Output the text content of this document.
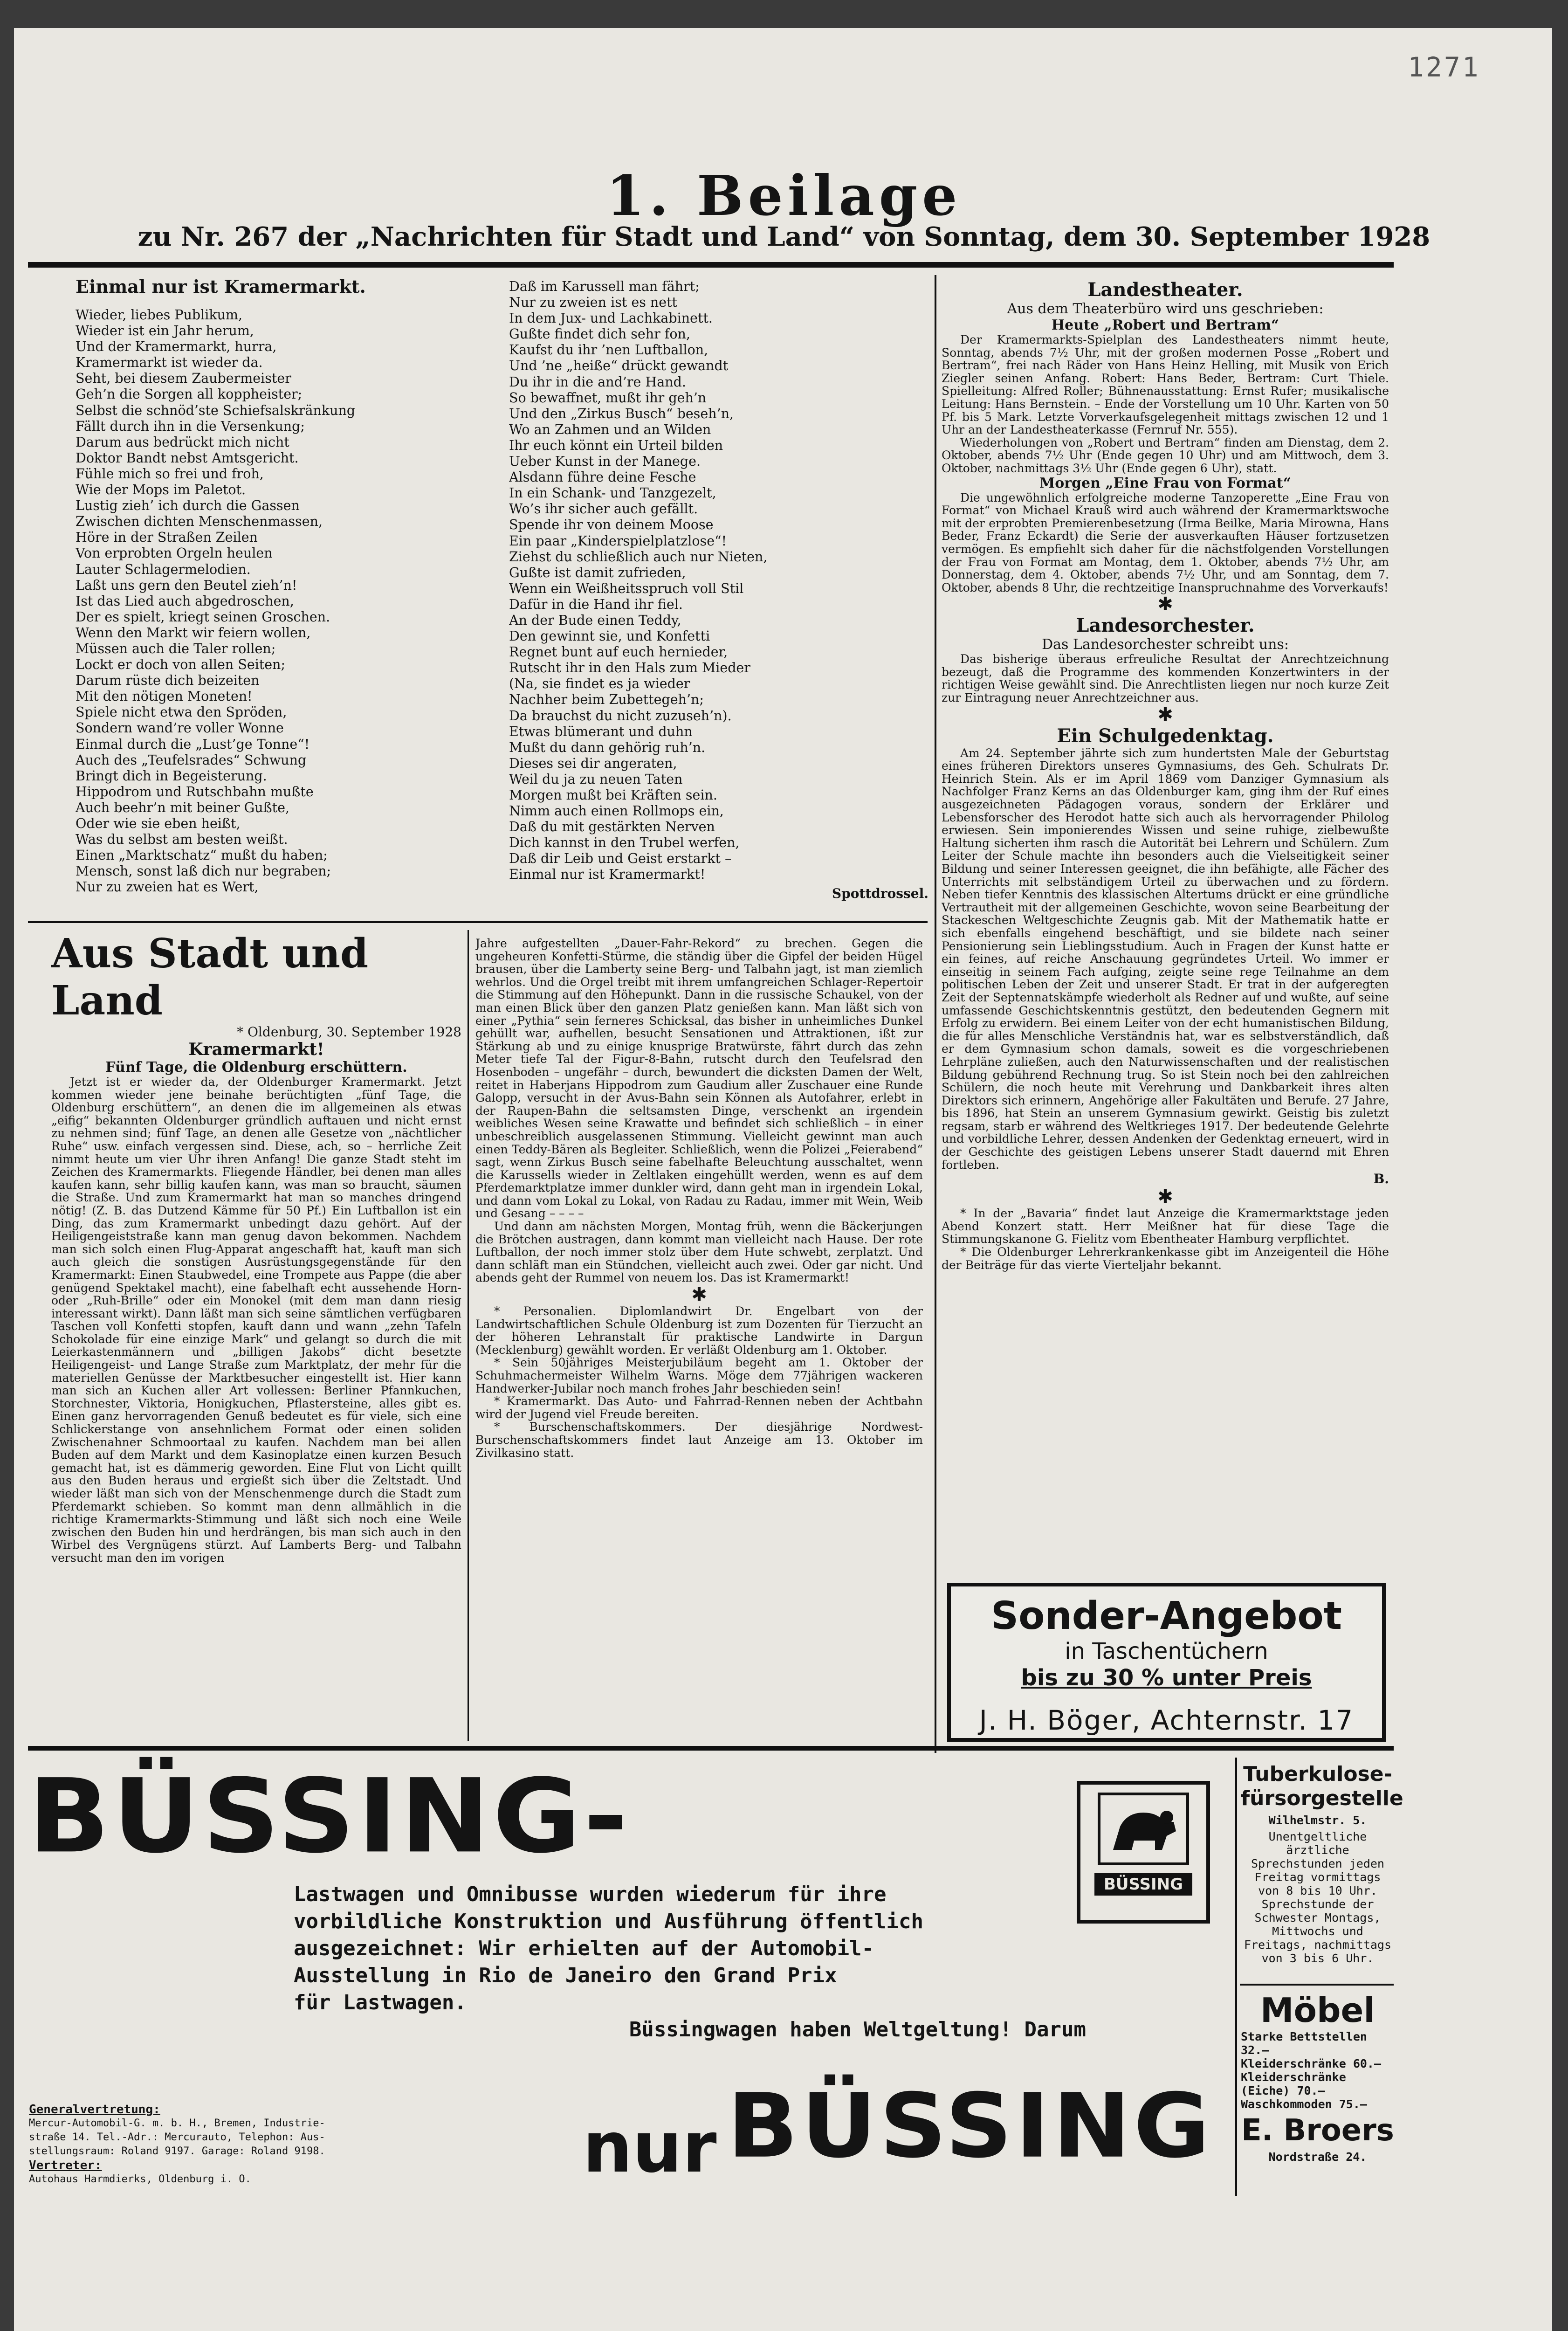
1271
1. Beilage
zu Nr. 267 der „Nachrichten für Stadt und Land“ von Sonntag, dem 30. September 1928
Einmal nur ist Kramermarkt.
Wieder, liebes Publikum,
Wieder ist ein Jahr herum,
Und der Kramermarkt, hurra,
Kramermarkt ist wieder da.
Seht, bei diesem Zaubermeister
Geh’n die Sorgen all koppheister;
Selbst die schnöd’ste Schiefsalskränkung
Fällt durch ihn in die Versenkung;
Darum aus bedrückt mich nicht
Doktor Bandt nebst Amtsgericht.
Fühle mich so frei und froh,
Wie der Mops im Paletot.
Lustig zieh’ ich durch die Gassen
Zwischen dichten Menschenmassen,
Höre in der Straßen Zeilen
Von erprobten Orgeln heulen
Lauter Schlagermelodien.
Laßt uns gern den Beutel zieh’n!
Ist das Lied auch abgedroschen,
Der es spielt, kriegt seinen Groschen.
Wenn den Markt wir feiern wollen,
Müssen auch die Taler rollen;
Lockt er doch von allen Seiten;
Darum rüste dich beizeiten
Mit den nötigen Moneten!
Spiele nicht etwa den Spröden,
Sondern wand’re voller Wonne
Einmal durch die „Lust’ge Tonne“!
Auch des „Teufelsrades“ Schwung
Bringt dich in Begeisterung.
Hippodrom und Rutschbahn mußte
Auch beehr’n mit beiner Gußte,
Oder wie sie eben heißt,
Was du selbst am besten weißt.
Einen „Marktschatz“ mußt du haben;
Mensch, sonst laß dich nur begraben;
Nur zu zweien hat es Wert,
Daß im Karussell man fährt;
Nur zu zweien ist es nett
In dem Jux- und Lachkabinett.
Gußte findet dich sehr fon,
Kaufst du ihr ’nen Luftballon,
Und ’ne „heiße“ drückt gewandt
Du ihr in die and’re Hand.
So bewaffnet, mußt ihr geh’n
Und den „Zirkus Busch“ beseh’n,
Wo an Zahmen und an Wilden
Ihr euch könnt ein Urteil bilden
Ueber Kunst in der Manege.
Alsdann führe deine Fesche
In ein Schank- und Tanzgezelt,
Wo’s ihr sicher auch gefällt.
Spende ihr von deinem Moose
Ein paar „Kinderspielplatzlose“!
Ziehst du schließlich auch nur Nieten,
Gußte ist damit zufrieden,
Wenn ein Weißheitsspruch voll Stil
Dafür in die Hand ihr fiel.
An der Bude einen Teddy,
Den gewinnt sie, und Konfetti
Regnet bunt auf euch hernieder,
Rutscht ihr in den Hals zum Mieder
(Na, sie findet es ja wieder
Nachher beim Zubettegeh’n;
Da brauchst du nicht zuzuseh’n).
Etwas blümerant und duhn
Mußt du dann gehörig ruh’n.
Dieses sei dir angeraten,
Weil du ja zu neuen Taten
Morgen mußt bei Kräften sein.
Nimm auch einen Rollmops ein,
Daß du mit gestärkten Nerven
Dich kannst in den Trubel werfen,
Daß dir Leib und Geist erstarkt –
Einmal nur ist Kramermarkt!
Spottdrossel.
Landestheater.
Aus dem Theaterbüro wird uns geschrieben:
Heute „Robert und Bertram“

Der Kramermarkts-Spielplan des Landestheaters nimmt heute, Sonntag, abends 7½ Uhr, mit der großen modernen Posse „Robert und Bertram“, frei nach Räder von Hans Heinz Helling, mit Musik von Erich Ziegler seinen Anfang. Robert: Hans Beder, Bertram: Curt Thiele. Spielleitung: Alfred Roller; Bühnenausstattung: Ernst Rufer; musikalische Leitung: Hans Bernstein. – Ende der Vorstellung um 10 Uhr. Karten von 50 Pf. bis 5 Mark. Letzte Vorverkaufsgelegenheit mittags zwischen 12 und 1 Uhr an der Landestheaterkasse (Fernruf Nr. 555).

Wiederholungen von „Robert und Bertram“ finden am Dienstag, dem 2. Oktober, abends 7½ Uhr (Ende gegen 10 Uhr) und am Mittwoch, dem 3. Oktober, nachmittags 3½ Uhr (Ende gegen 6 Uhr), statt.

Morgen „Eine Frau von Format“

Die ungewöhnlich erfolgreiche moderne Tanzoperette „Eine Frau von Format“ von Michael Krauß wird auch während der Kramermarktswoche mit der erprobten Premierenbesetzung (Irma Beilke, Maria Mirowna, Hans Beder, Franz Eckardt) die Serie der ausverkauften Häuser fortzusetzen vermögen. Es empfiehlt sich daher für die nächstfolgenden Vorstellungen der Frau von Format am Montag, dem 1. Oktober, abends 7½ Uhr, am Donnerstag, dem 4. Oktober, abends 7½ Uhr, und am Sonntag, dem 7. Oktober, abends 8 Uhr, die rechtzeitige Inanspruchnahme des Vorverkaufs!

✱
Landesorchester.
Das Landesorchester schreibt uns:

Das bisherige überaus erfreuliche Resultat der Anrechtzeichnung bezeugt, daß die Programme des kommenden Konzertwinters in der richtigen Weise gewählt sind. Die Anrechtlisten liegen nur noch kurze Zeit zur Eintragung neuer Anrechtzeichner aus.

✱
Ein Schulgedenktag.

Am 24. September jährte sich zum hundertsten Male der Geburtstag eines früheren Direktors unseres Gymnasiums, des Geh. Schulrats Dr. Heinrich Stein. Als er im April 1869 vom Danziger Gymnasium als Nachfolger Franz Kerns an das Oldenburger kam, ging ihm der Ruf eines ausgezeichneten Pädagogen voraus, sondern der Erklärer und Lebensforscher des Herodot hatte sich auch als hervorragender Philolog erwiesen. Sein imponierendes Wissen und seine ruhige, zielbewußte Haltung sicherten ihm rasch die Autorität bei Lehrern und Schülern. Zum Leiter der Schule machte ihn besonders auch die Vielseitigkeit seiner Bildung und seiner Interessen geeignet, die ihn befähigte, alle Fächer des Unterrichts mit selbständigem Urteil zu überwachen und zu fördern. Neben tiefer Kenntnis des klassischen Altertums drückt er eine gründliche Vertrautheit mit der allgemeinen Geschichte, wovon seine Bearbeitung der Stackeschen Weltgeschichte Zeugnis gab. Mit der Mathematik hatte er sich ebenfalls eingehend beschäftigt, und sie bildete nach seiner Pensionierung sein Lieblingsstudium. Auch in Fragen der Kunst hatte er ein feines, auf reiche Anschauung gegründetes Urteil. Wo immer er einseitig in seinem Fach aufging, zeigte seine rege Teilnahme an dem politischen Leben der Zeit und unserer Stadt. Er trat in der aufgeregten Zeit der Septennatskämpfe wiederholt als Redner auf und wußte, auf seine umfassende Geschichtskenntnis gestützt, den bedeutenden Gegnern mit Erfolg zu erwidern. Bei einem Leiter von der echt humanistischen Bildung, die für alles Menschliche Verständnis hat, war es selbstverständlich, daß er dem Gymnasium schon damals, soweit es die vorgeschriebenen Lehrpläne zuließen, auch den Naturwissenschaften und der realistischen Bildung gebührend Rechnung trug. So ist Stein noch bei den zahlreichen Schülern, die noch heute mit Verehrung und Dankbarkeit ihres alten Direktors sich erinnern, Angehörige aller Fakultäten und Berufe. 27 Jahre, bis 1896, hat Stein an unserem Gymnasium gewirkt. Geistig bis zuletzt regsam, starb er während des Weltkrieges 1917. Der bedeutende Gelehrte und vorbildliche Lehrer, dessen Andenken der Gedenktag erneuert, wird in der Geschichte des geistigen Lebens unserer Stadt dauernd mit Ehren fortleben.

B.
✱

* In der „Bavaria“ findet laut Anzeige die Kramermarktstage jeden Abend Konzert statt. Herr Meißner hat für diese Tage die Stimmungskanone G. Fielitz vom Ebentheater Hamburg verpflichtet.

* Die Oldenburger Lehrerkrankenkasse gibt im Anzeigenteil die Höhe der Beiträge für das vierte Vierteljahr bekannt.

Sonder-Angebot
in Taschentüchern
bis zu 30 % unter Preis
J. H. Böger, Achternstr. 17
Aus Stadt und Land
* Oldenburg, 30. September 1928
Kramermarkt!
Fünf Tage, die Oldenburg erschüttern.

Jetzt ist er wieder da, der Oldenburger Kramermarkt. Jetzt kommen wieder jene beinahe berüchtigten „fünf Tage, die Oldenburg erschüttern“, an denen die im allgemeinen als etwas „eifig“ bekannten Oldenburger gründlich auftauen und nicht ernst zu nehmen sind; fünf Tage, an denen alle Gesetze von „nächtlicher Ruhe“ usw. einfach vergessen sind. Diese, ach, so – herrliche Zeit nimmt heute um vier Uhr ihren Anfang! Die ganze Stadt steht im Zeichen des Kramermarkts. Fliegende Händler, bei denen man alles kaufen kann, sehr billig kaufen kann, was man so braucht, säumen die Straße. Und zum Kramermarkt hat man so manches dringend nötig! (Z. B. das Dutzend Kämme für 50 Pf.) Ein Luftballon ist ein Ding, das zum Kramermarkt unbedingt dazu gehört. Auf der Heiligengeiststraße kann man genug davon bekommen. Nachdem man sich solch einen Flug-Apparat angeschafft hat, kauft man sich auch gleich die sonstigen Ausrüstungsgegenstände für den Kramermarkt: Einen Staubwedel, eine Trompete aus Pappe (die aber genügend Spektakel macht), eine fabelhaft echt aussehende Horn- oder „Ruh-Brille“ oder ein Monokel (mit dem man dann riesig interessant wirkt). Dann läßt man sich seine sämtlichen verfügbaren Taschen voll Konfetti stopfen, kauft dann und wann „zehn Tafeln Schokolade für eine einzige Mark“ und gelangt so durch die mit Leierkastenmännern und „billigen Jakobs“ dicht besetzte Heiligengeist- und Lange Straße zum Marktplatz, der mehr für die materiellen Genüsse der Marktbesucher eingestellt ist. Hier kann man sich an Kuchen aller Art vollessen: Berliner Pfannkuchen, Storchnester, Viktoria, Honigkuchen, Pflastersteine, alles gibt es. Einen ganz hervorragenden Genuß bedeutet es für viele, sich eine Schlickerstange von ansehnlichem Format oder einen soliden Zwischenahner Schmoortaal zu kaufen. Nachdem man bei allen Buden auf dem Markt und dem Kasinoplatze einen kurzen Besuch gemacht hat, ist es dämmerig geworden. Eine Flut von Licht quillt aus den Buden heraus und ergießt sich über die Zeltstadt. Und wieder läßt man sich von der Menschenmenge durch die Stadt zum Pferdemarkt schieben. So kommt man denn allmählich in die richtige Kramermarkts-Stimmung und läßt sich noch eine Weile zwischen den Buden hin und herdrängen, bis man sich auch in den Wirbel des Vergnügens stürzt. Auf Lamberts Berg- und Talbahn versucht man den im vorigen

Jahre aufgestellten „Dauer-Fahr-Rekord“ zu brechen. Gegen die ungeheuren Konfetti-Stürme, die ständig über die Gipfel der beiden Hügel brausen, über die Lamberty seine Berg- und Talbahn jagt, ist man ziemlich wehrlos. Und die Orgel treibt mit ihrem umfangreichen Schlager-Repertoir die Stimmung auf den Höhepunkt. Dann in die russische Schaukel, von der man einen Blick über den ganzen Platz genießen kann. Man läßt sich von einer „Pythia“ sein ferneres Schicksal, das bisher in unheimliches Dunkel gehüllt war, aufhellen, besucht Sensationen und Attraktionen, ißt zur Stärkung ab und zu einige knusprige Bratwürste, fährt durch das zehn Meter tiefe Tal der Figur-8-Bahn, rutscht durch den Teufelsrad den Hosenboden – ungefähr – durch, bewundert die dicksten Damen der Welt, reitet in Haberjans Hippodrom zum Gaudium aller Zuschauer eine Runde Galopp, versucht in der Avus-Bahn sein Können als Autofahrer, erlebt in der Raupen-Bahn die seltsamsten Dinge, verschenkt an irgendein weibliches Wesen seine Krawatte und befindet sich schließlich – in einer unbeschreiblich ausgelassenen Stimmung. Vielleicht gewinnt man auch einen Teddy-Bären als Begleiter. Schließlich, wenn die Polizei „Feierabend“ sagt, wenn Zirkus Busch seine fabelhafte Beleuchtung ausschaltet, wenn die Karussells wieder in Zeltlaken eingehüllt werden, wenn es auf dem Pferdemarktplatze immer dunkler wird, dann geht man in irgendein Lokal, und dann vom Lokal zu Lokal, von Radau zu Radau, immer mit Wein, Weib und Gesang – – – –

Und dann am nächsten Morgen, Montag früh, wenn die Bäckerjungen die Brötchen austragen, dann kommt man vielleicht nach Hause. Der rote Luftballon, der noch immer stolz über dem Hute schwebt, zerplatzt. Und dann schläft man ein Stündchen, vielleicht auch zwei. Oder gar nicht. Und abends geht der Rummel von neuem los. Das ist Kramermarkt!

✱

* Personalien. Diplomlandwirt Dr. Engelbart von der Landwirtschaftlichen Schule Oldenburg ist zum Dozenten für Tierzucht an der höheren Lehranstalt für praktische Landwirte in Dargun (Mecklenburg) gewählt worden. Er verläßt Oldenburg am 1. Oktober.

* Sein 50jähriges Meisterjubiläum begeht am 1. Oktober der Schuhmachermeister Wilhelm Warns. Möge dem 77jährigen wackeren Handwerker-Jubilar noch manch frohes Jahr beschieden sein!

* Kramermarkt. Das Auto- und Fahrrad-Rennen neben der Achtbahn wird der Jugend viel Freude bereiten.

* Burschenschaftskommers. Der diesjährige Nordwest-Burschenschaftskommers findet laut Anzeige am 13. Oktober im Zivilkasino statt.

BÜSSING-
Lastwagen und Omnibusse wurden wiederum für ihre
vorbildliche Konstruktion und Ausführung öffentlich
ausgezeichnet: Wir erhielten auf der Automobil-
Ausstellung in Rio de Janeiro den Grand Prix
für Lastwagen.
Büssingwagen haben Weltgeltung! Darum
BÜSSING
Generalvertretung:
Mercur-Automobil-G. m. b. H., Bremen, Industrie-
straße 14. Tel.-Adr.: Mercurauto, Telephon: Aus-
stellungsraum: Roland 9197. Garage: Roland 9198.
Vertreter:
Autohaus Harmdierks, Oldenburg i. O.	nur BÜSSING
Tuberkulose-fürsorgestelle
Wilhelmstr. 5.
Unentgeltliche ärztliche Sprechstunden jeden Freitag vormittags von 8 bis 10 Uhr. Sprechstunde der Schwester Montags, Mittwochs und Freitags, nachmittags von 3 bis 6 Uhr.
Möbel
Starke Bettstellen 32.–
Kleiderschränke 60.–
Kleiderschränke (Eiche) 70.–
Waschkommoden 75.–
E. Broers
Nordstraße 24.
